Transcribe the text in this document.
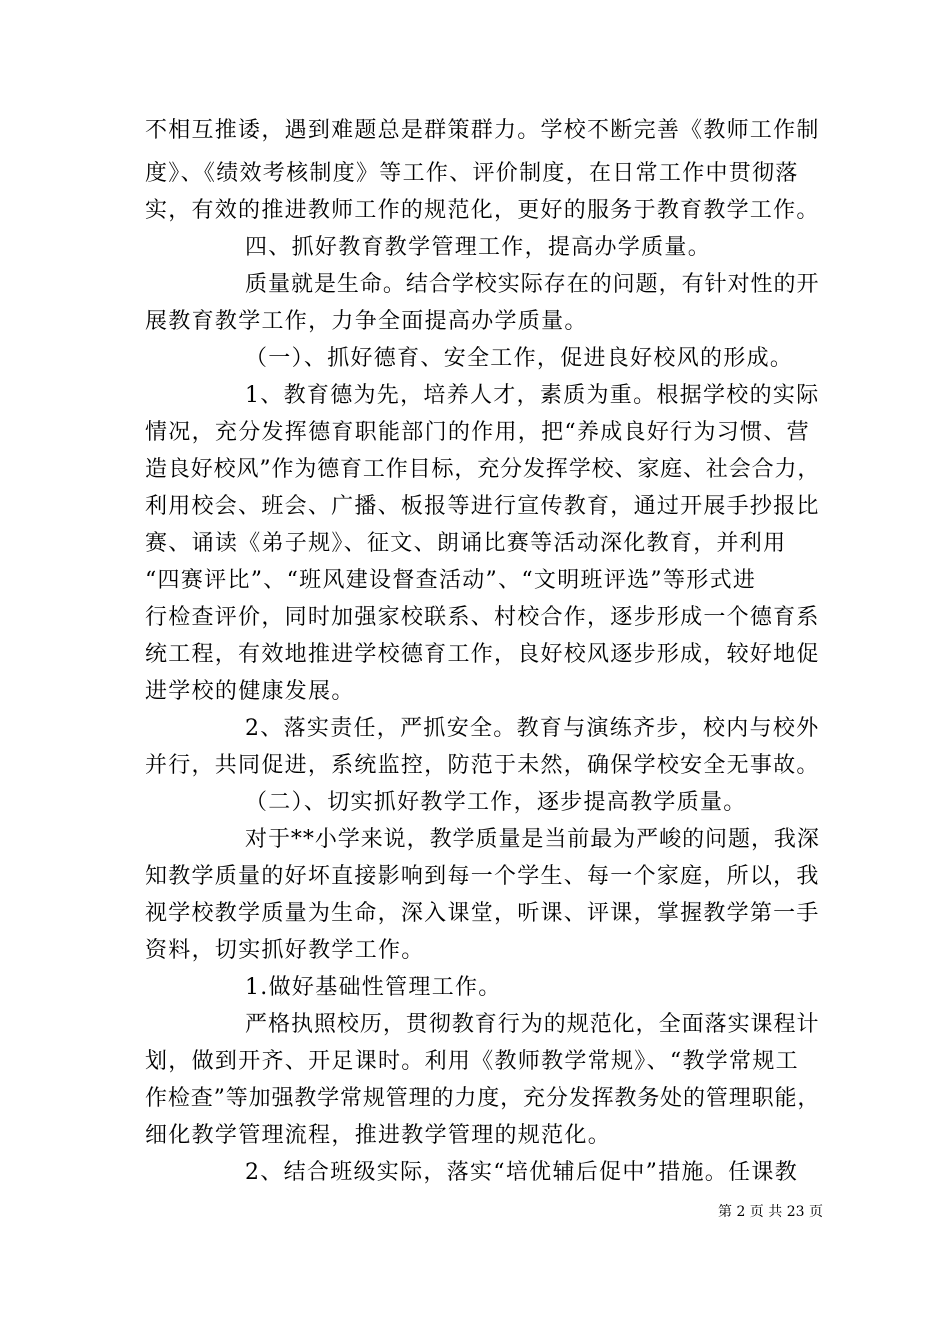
不相互推诿，遇到难题总是群策群力。学校不断完善《教师工作制
度》、《绩效考核制度》等工作、评价制度，在日常工作中贯彻落
实，有效的推进教师工作的规范化，更好的服务于教育教学工作。
四、抓好教育教学管理工作，提高办学质量。
质量就是生命。结合学校实际存在的问题，有针对性的开
展教育教学工作，力争全面提高办学质量。
（一）、抓好德育、安全工作，促进良好校风的形成。
1、教育德为先，培养人才，素质为重。根据学校的实际
情况，充分发挥德育职能部门的作用，把“养成良好行为习惯、营
造良好校风”作为德育工作目标，充分发挥学校、家庭、社会合力，
利用校会、班会、广播、板报等进行宣传教育，通过开展手抄报比
赛、诵读《弟子规》、征文、朗诵比赛等活动深化教育，并利用
“四赛评比”、“班风建设督查活动”、“文明班评选”等形式进
行检查评价，同时加强家校联系、村校合作，逐步形成一个德育系
统工程，有效地推进学校德育工作，良好校风逐步形成，较好地促
进学校的健康发展。
2、落实责任，严抓安全。教育与演练齐步，校内与校外
并行，共同促进，系统监控，防范于未然，确保学校安全无事故。
（二）、切实抓好教学工作，逐步提高教学质量。
对于**小学来说，教学质量是当前最为严峻的问题，我深
知教学质量的好坏直接影响到每一个学生、每一个家庭，所以，我
视学校教学质量为生命，深入课堂，听课、评课，掌握教学第一手
资料，切实抓好教学工作。
1.做好基础性管理工作。
严格执照校历，贯彻教育行为的规范化，全面落实课程计
划，做到开齐、开足课时。利用《教师教学常规》、“教学常规工
作检查”等加强教学常规管理的力度，充分发挥教务处的管理职能，
细化教学管理流程，推进教学管理的规范化。
2、结合班级实际，落实“培优辅后促中”措施。任课教
第 2 页 共 23 页
